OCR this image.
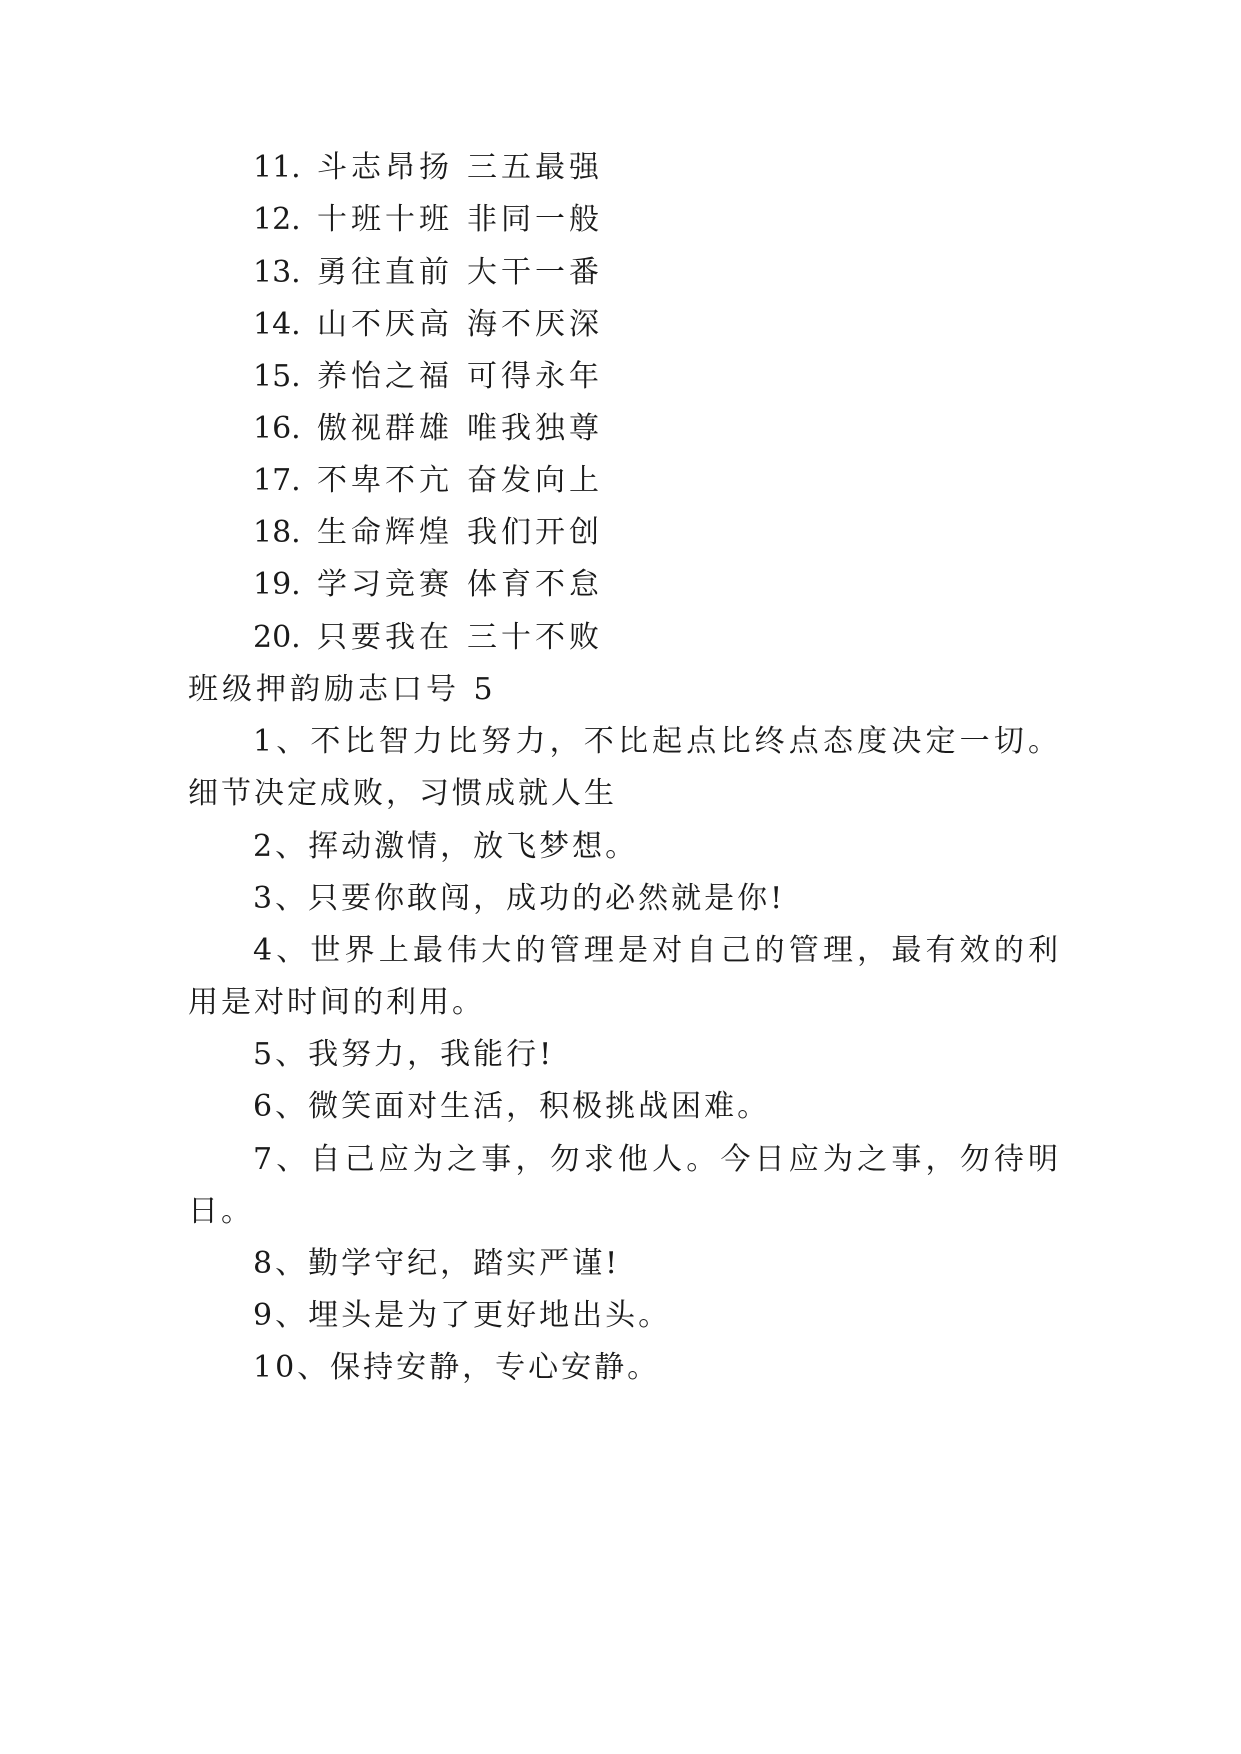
11. 斗志昂扬 三五最强
12. 十班十班 非同一般
13. 勇往直前 大干一番
14. 山不厌高 海不厌深
15. 养怡之福 可得永年
16. 傲视群雄 唯我独尊
17. 不卑不亢 奋发向上
18. 生命辉煌 我们开创
19. 学习竞赛 体育不怠
20. 只要我在 三十不败
班级押韵励志口号 5
1、不比智力比努力，不比起点比终点态度决定一切。
细节决定成败，习惯成就人生
2、挥动激情，放飞梦想。
3、只要你敢闯，成功的必然就是你!
4、世界上最伟大的管理是对自己的管理，最有效的利
用是对时间的利用。
5、我努力，我能行!
6、微笑面对生活，积极挑战困难。
7、自己应为之事，勿求他人。今日应为之事，勿待明
日。
8、勤学守纪，踏实严谨!
9、埋头是为了更好地出头。
10、保持安静，专心安静。
